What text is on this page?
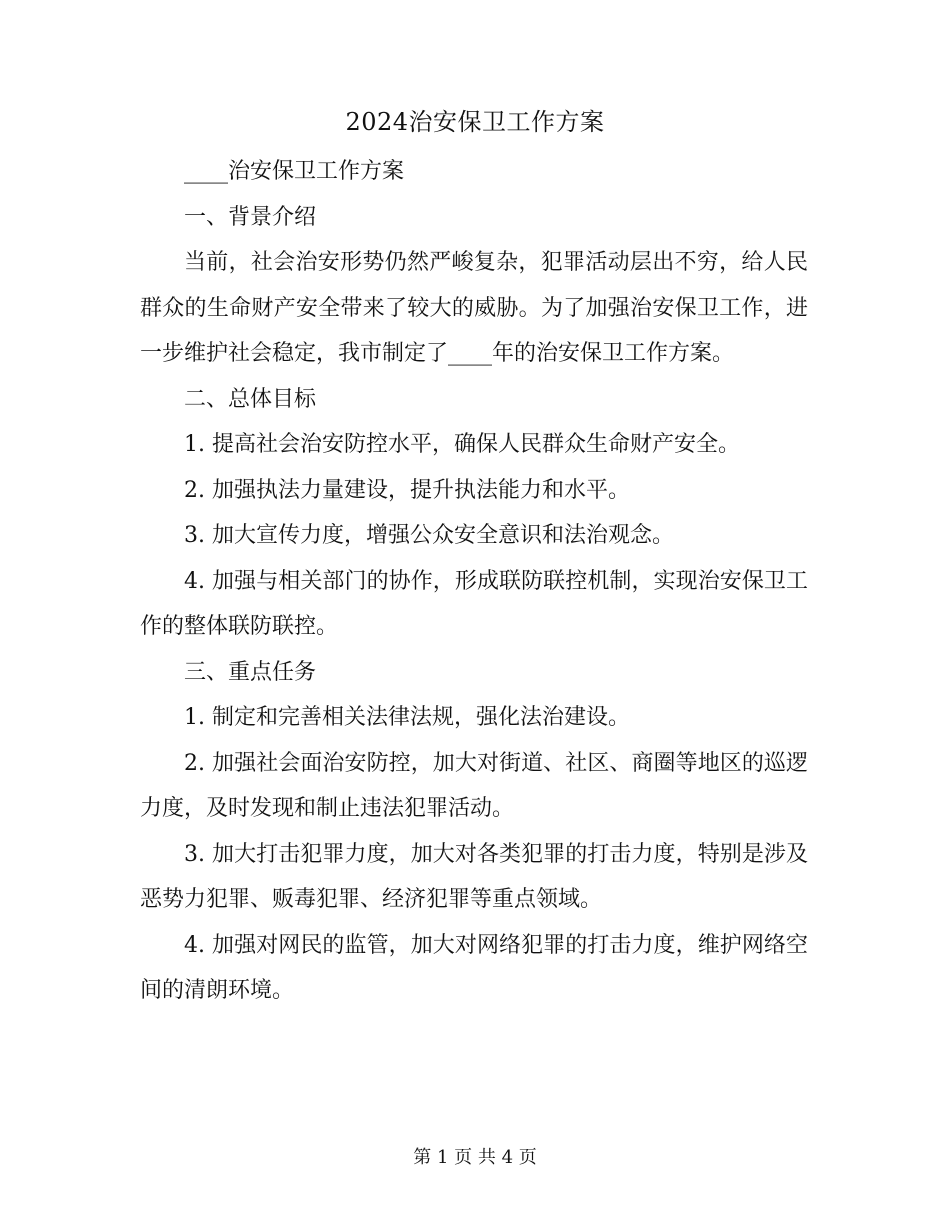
2024治安保卫工作方案

____治安保卫工作方案

一、背景介绍

当前，社会治安形势仍然严峻复杂，犯罪活动层出不穷，给人民群众的生命财产安全带来了较大的威胁。为了加强治安保卫工作，进一步维护社会稳定，我市制定了____年的治安保卫工作方案。

二、总体目标

1. 提高社会治安防控水平，确保人民群众生命财产安全。

2. 加强执法力量建设，提升执法能力和水平。

3. 加大宣传力度，增强公众安全意识和法治观念。

4. 加强与相关部门的协作，形成联防联控机制，实现治安保卫工作的整体联防联控。

三、重点任务

1. 制定和完善相关法律法规，强化法治建设。

2. 加强社会面治安防控，加大对街道、社区、商圈等地区的巡逻力度，及时发现和制止违法犯罪活动。

3. 加大打击犯罪力度，加大对各类犯罪的打击力度，特别是涉及恶势力犯罪、贩毒犯罪、经济犯罪等重点领域。

4. 加强对网民的监管，加大对网络犯罪的打击力度，维护网络空间的清朗环境。

第 1 页 共 4 页
